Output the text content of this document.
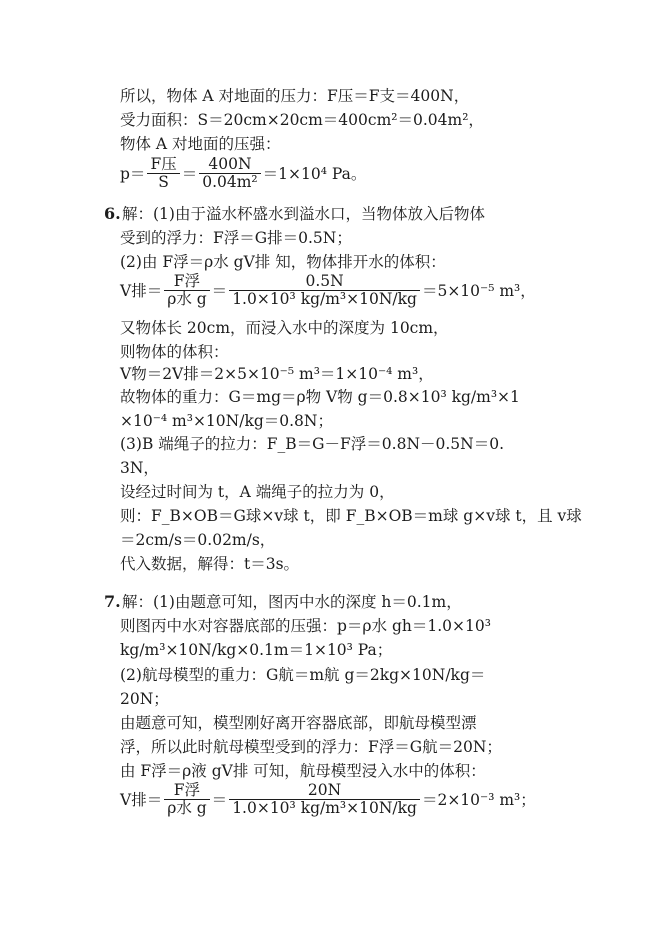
所以，物体 A 对地面的压力：F压＝F支＝400N，
受力面积：S＝20cm×20cm＝400cm²＝0.04m²，
物体 A 对地面的压强：
$p= \frac{\text{F压}}{S} = \frac{400N}{\text{0.04m²}} =1\times 10^4$ Pa。
6. 解：(1)由于溢水杯盛水到溢水口，当物体放入后物体
受到的浮力：F浮＝G排＝0.5N；
(2)由 F浮＝ρ水 gV排 知，物体排开水的体积：
V排＝ $\frac{\text{F浮}}{\text{ρ水 g}} = \frac{0.5N}{\text{1.0×10³ kg/m³×10N/kg}} =5\times 10^{-5}$ m³，
又物体长 20cm，而浸入水中的深度为 10cm，
则物体的体积：
V物＝2V排＝2×5×10⁻⁵ m³＝1×10⁻⁴ m³，
故物体的重力：G＝mg＝ρ物 V物 g＝0.8×10³ kg/m³×1
×10⁻⁴ m³×10N/kg＝0.8N；
(3)B 端绳子的拉力：F_B＝G－F浮＝0.8N－0.5N＝0.
3N，
设经过时间为 t，A 端绳子的拉力为 0，
则：F_B×OB＝G球×v球 t，即 F_B×OB＝m球 g×v球 t，且 v球
＝2cm/s＝0.02m/s，
代入数据，解得：t＝3s。
7. 解：(1)由题意可知，图丙中水的深度 h＝0.1m，
则图丙中水对容器底部的压强：p＝ρ水 gh＝1.0×10³
kg/m³×10N/kg×0.1m＝1×10³ Pa；
(2)航母模型的重力：G航＝m航 g＝2kg×10N/kg＝
20N；
由题意可知，模型刚好离开容器底部，即航母模型漂
浮，所以此时航母模型受到的浮力：F浮＝G航＝20N；
由 F浮＝ρ液 gV排 可知，航母模型浸入水中的体积：
V排＝ $\frac{\text{F浮}}{\text{ρ水 g}} = \frac{20N}{\text{1.0×10³ kg/m³×10N/kg}} =2\times 10^{-3}$ m³；
